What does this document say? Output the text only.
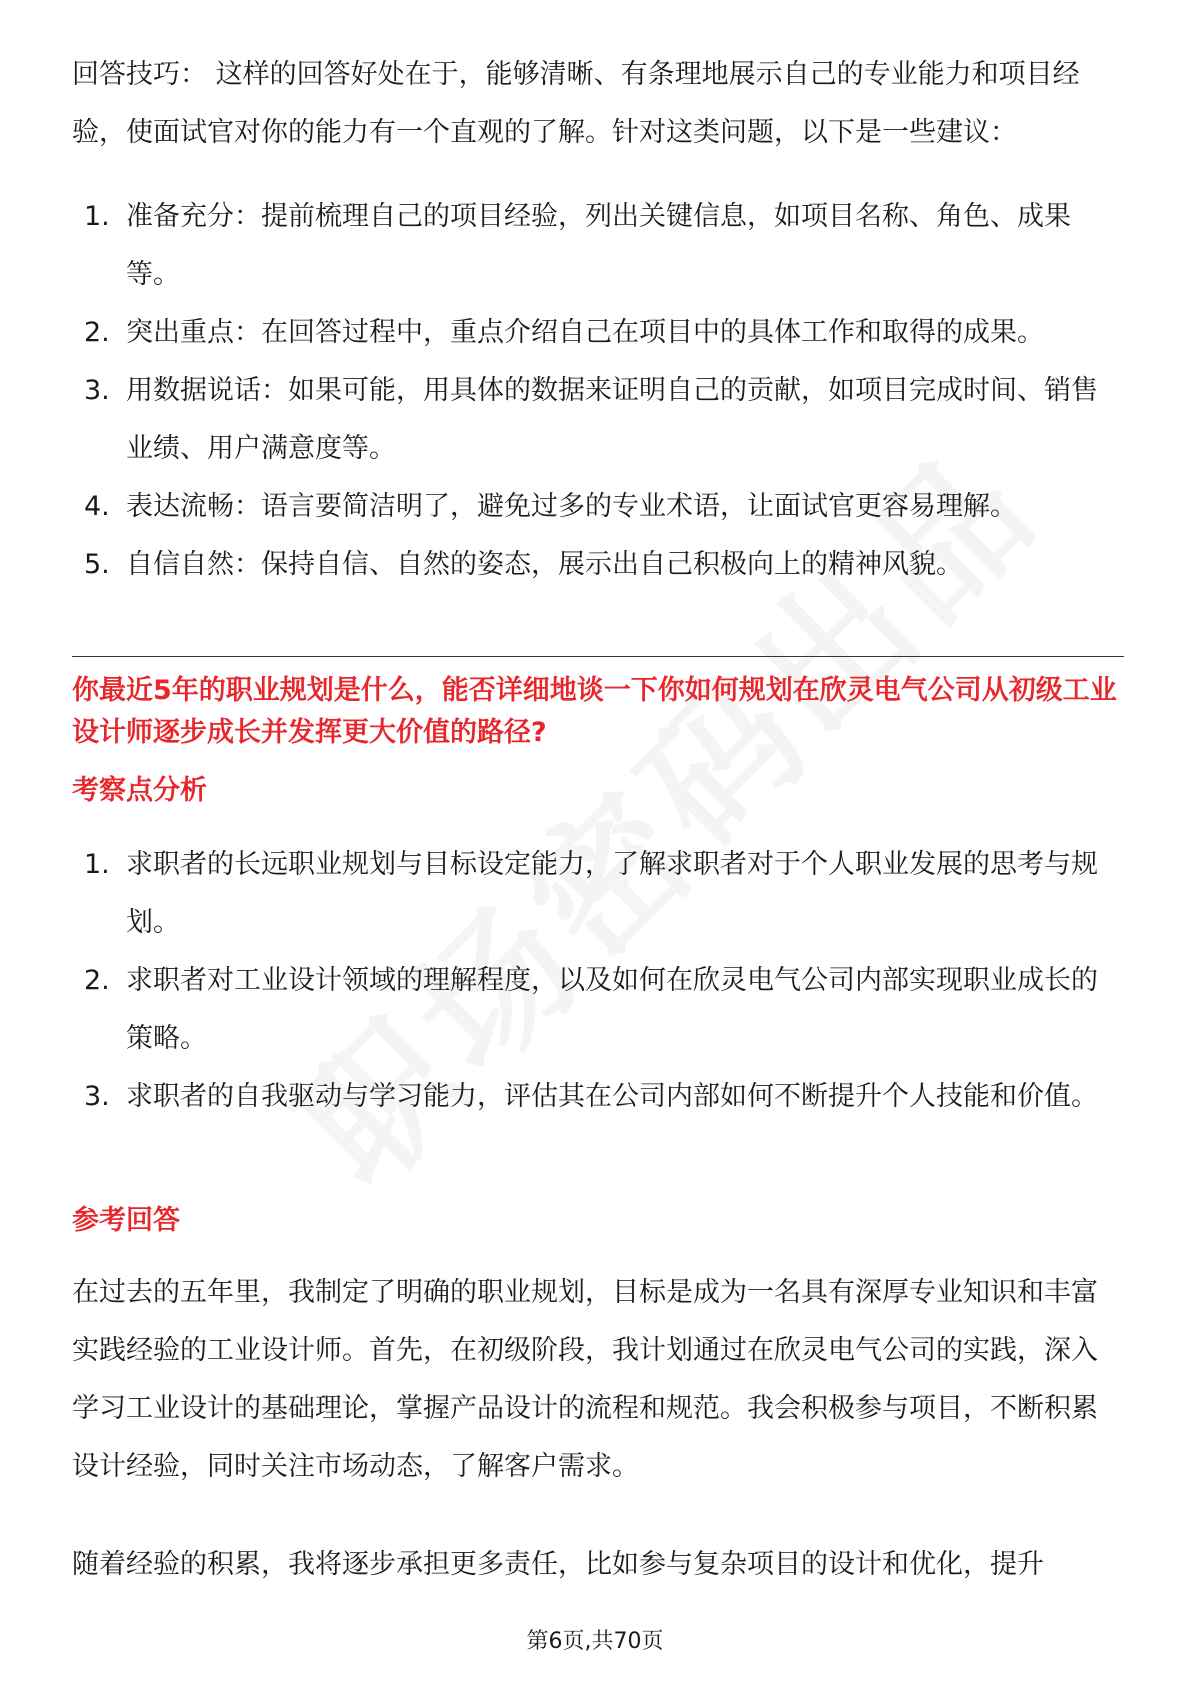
回答技巧： 这样的回答好处在于，能够清晰、有条理地展示自己的专业能力和项目经验，使面试官对你的能力有一个直观的了解。针对这类问题，以下是一些建议：

1. 准备充分：提前梳理自己的项目经验，列出关键信息，如项目名称、角色、成果等。
2. 突出重点：在回答过程中，重点介绍自己在项目中的具体工作和取得的成果。
3. 用数据说话：如果可能，用具体的数据来证明自己的贡献，如项目完成时间、销售业绩、用户满意度等。
4. 表达流畅：语言要简洁明了，避免过多的专业术语，让面试官更容易理解。
5. 自信自然：保持自信、自然的姿态，展示出自己积极向上的精神风貌。

你最近5年的职业规划是什么，能否详细地谈一下你如何规划在欣灵电气公司从初级工业设计师逐步成长并发挥更大价值的路径?

考察点分析

1. 求职者的长远职业规划与目标设定能力，了解求职者对于个人职业发展的思考与规划。
2. 求职者对工业设计领域的理解程度，以及如何在欣灵电气公司内部实现职业成长的策略。
3. 求职者的自我驱动与学习能力，评估其在公司内部如何不断提升个人技能和价值。

参考回答

在过去的五年里，我制定了明确的职业规划，目标是成为一名具有深厚专业知识和丰富实践经验的工业设计师。首先，在初级阶段，我计划通过在欣灵电气公司的实践，深入学习工业设计的基础理论，掌握产品设计的流程和规范。我会积极参与项目，不断积累设计经验，同时关注市场动态，了解客户需求。

随着经验的积累，我将逐步承担更多责任，比如参与复杂项目的设计和优化，提升

第6页,共70页
